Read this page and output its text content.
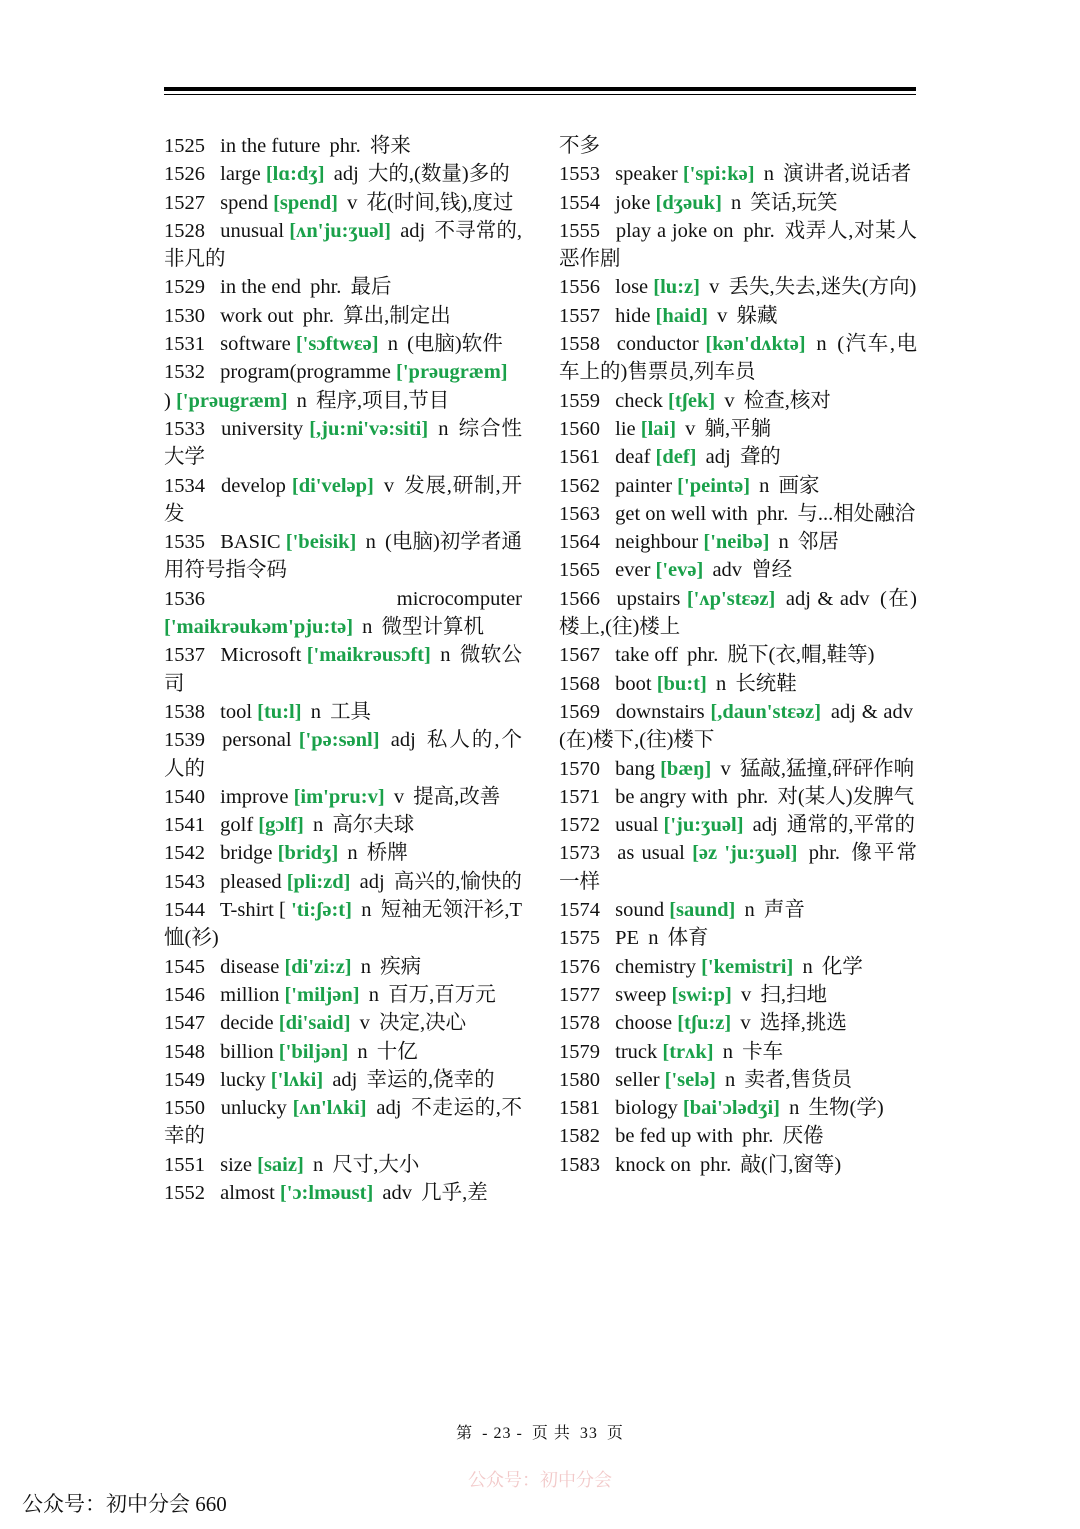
1525 in the future phr. 将来
1526 large [lɑ:dʒ] adj 大的,(数量)多的
1527 spend [spend] v 花(时间,钱),度过
1528 unusual [ʌn'ju:ʒuəl] adj 不寻常的,非凡的
1529 in the end phr. 最后
1530 work out phr. 算出,制定出
1531 software ['sɔftwɛə] n (电脑)软件
1532 program(programme ['prəugræm]
) ['prəugræm] n 程序,项目,节目
1533 university [,ju:ni'və:siti] n 综合性大学
1534 develop [di'veləp] v 发展,研制,开发
1535 BASIC ['beisik] n (电脑)初学者通用符号指令码
1536	microcomputer ['maikrəukəm'pju:tə] n 微型计算机
1537 Microsoft ['maikrəusɔft] n 微软公司
1538 tool [tu:l] n 工具
1539 personal ['pə:sənl] adj 私人的,个人的
1540 improve [im'pru:v] v 提高,改善
1541 golf [gɔlf] n 高尔夫球
1542 bridge [bridʒ] n 桥牌
1543 pleased [pli:zd] adj 高兴的,愉快的
1544 T-shirt [ 'ti:ʃə:t] n 短袖无领汗衫,T 恤(衫)
1545 disease [di'zi:z] n 疾病
1546 million ['miljən] n 百万,百万元
1547 decide [di'said] v 决定,决心
1548 billion ['biljən] n 十亿
1549 lucky ['lʌki] adj 幸运的,侥幸的
1550 unlucky [ʌn'lʌki] adj 不走运的,不幸的
1551 size [saiz] n 尺寸,大小
1552 almost ['ɔ:lməust] adv 几乎,差
不多
1553 speaker ['spi:kə] n 演讲者,说话者
1554 joke [dʒəuk] n 笑话,玩笑
1555 play a joke on phr. 戏弄人,对某人恶作剧
1556 lose [lu:z] v 丢失,失去,迷失(方向)
1557 hide [haid] v 躲藏
1558 conductor [kən'dʌktə] n (汽车,电车上的)售票员,列车员
1559 check [tʃek] v 检查,核对
1560 lie [lai] v 躺,平躺
1561 deaf [def] adj 聋的
1562 painter ['peintə] n 画家
1563 get on well with phr. 与...相处融洽
1564 neighbour ['neibə] n 邻居
1565 ever ['evə] adv 曾经
1566 upstairs ['ʌp'stɛəz] adj & adv (在)楼上,(往)楼上
1567 take off phr. 脱下(衣,帽,鞋等)
1568 boot [bu:t] n 长统鞋
1569 downstairs [,daun'stɛəz] adj & adv (在)楼下,(往)楼下
1570 bang [bæŋ] v 猛敲,猛撞,砰砰作响
1571 be angry with phr. 对(某人)发脾气
1572 usual ['ju:ʒuəl] adj 通常的,平常的
1573 as usual [əz 'ju:ʒuəl] phr. 像平常一样
1574 sound [saund] n 声音
1575 PE n 体育
1576 chemistry ['kemistri] n 化学
1577 sweep [swi:p] v 扫,扫地
1578 choose [tʃu:z] v 选择,挑选
1579 truck [trʌk] n 卡车
1580 seller ['selə] n 卖者,售货员
1581 biology [bai'ɔlədʒi] n 生物(学)
1582 be fed up with phr. 厌倦
1583 knock on phr. 敲(门,窗等)
第 - 23 - 页 共 33 页
公众号：初中分会
公众号：初中分会 660
